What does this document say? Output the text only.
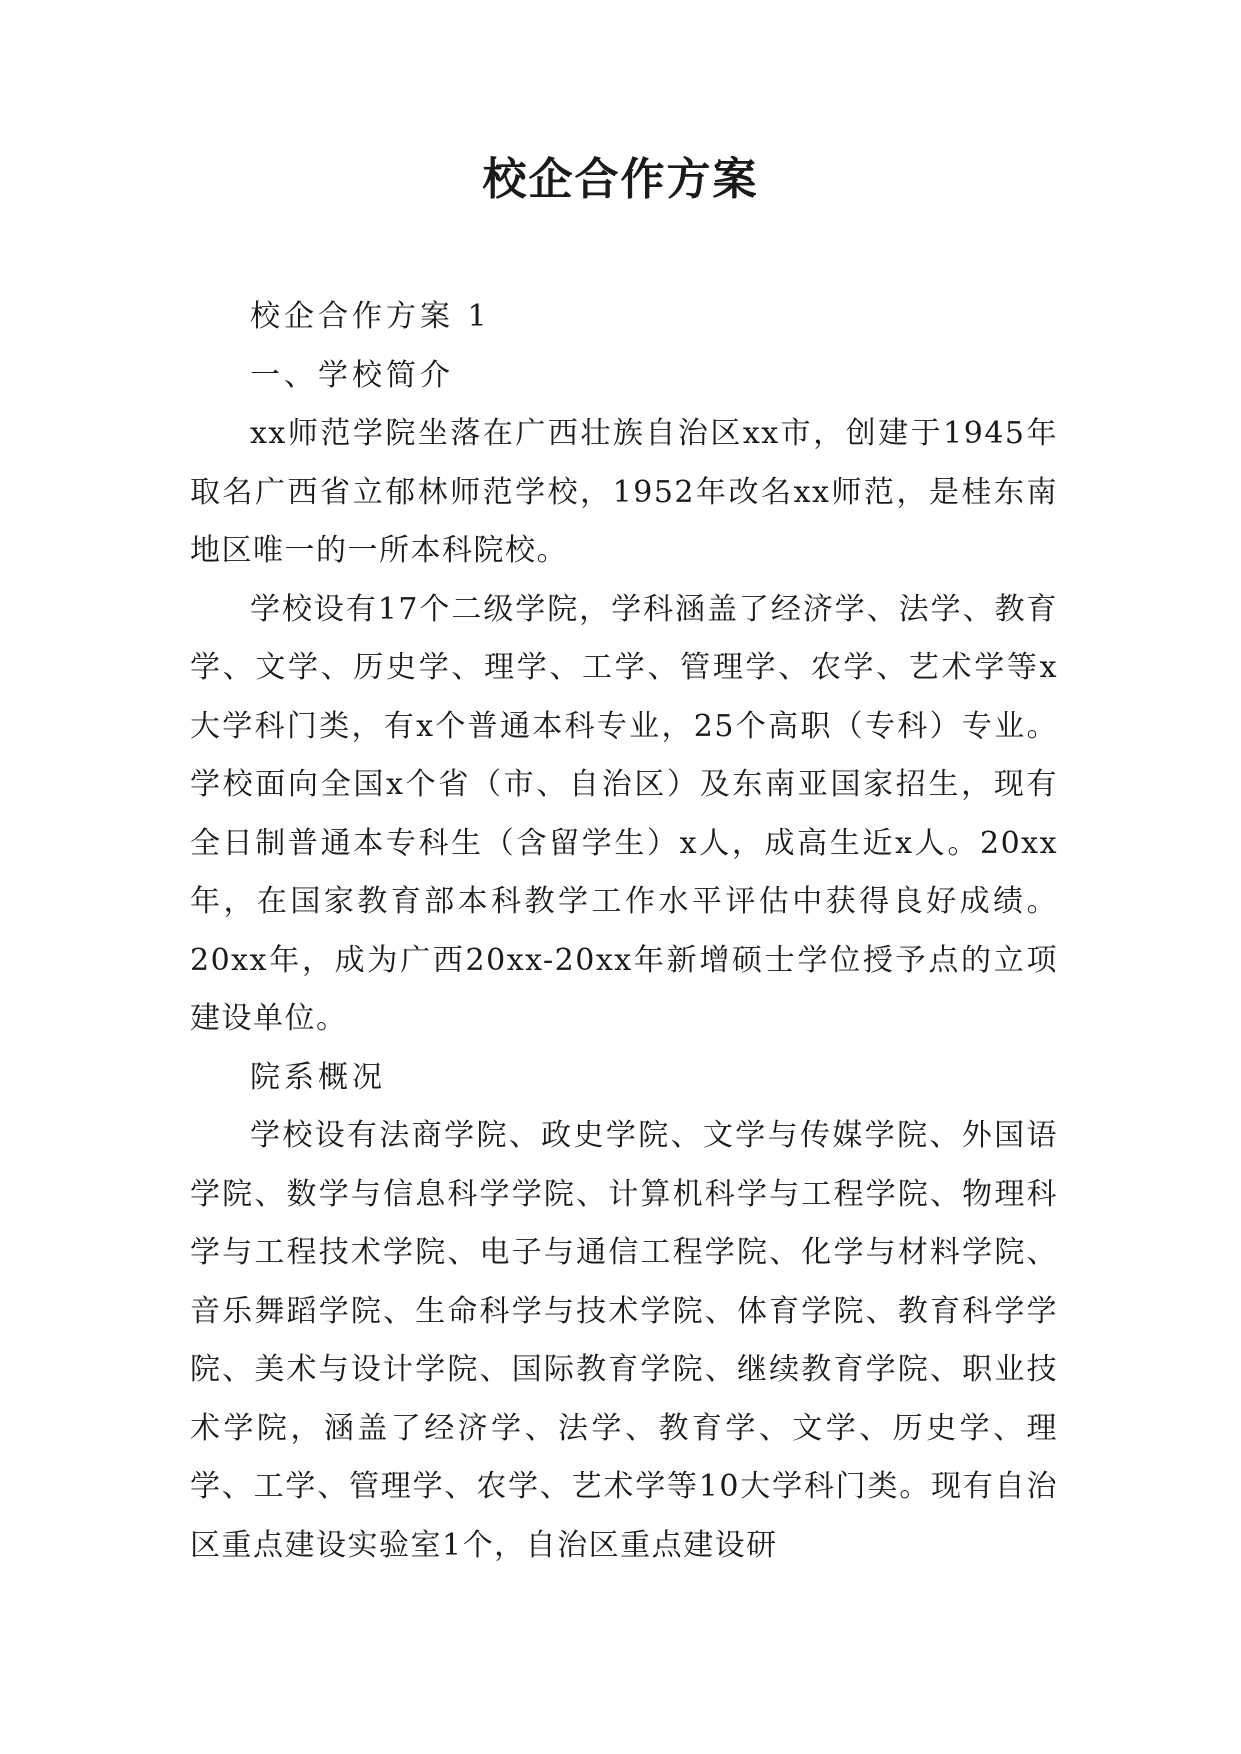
校企合作方案

校企合作方案 1

一、学校简介

xx师范学院坐落在广西壮族自治区xx市，创建于1945年取名广西省立郁林师范学校，1952年改名xx师范，是桂东南地区唯一的一所本科院校。

学校设有17个二级学院，学科涵盖了经济学、法学、教育学、文学、历史学、理学、工学、管理学、农学、艺术学等x大学科门类，有x个普通本科专业，25个高职（专科）专业。学校面向全国x个省（市、自治区）及东南亚国家招生，现有全日制普通本专科生（含留学生）x人，成高生近x人。20xx年，在国家教育部本科教学工作水平评估中获得良好成绩。20xx年，成为广西20xx-20xx年新增硕士学位授予点的立项建设单位。

院系概况

学校设有法商学院、政史学院、文学与传媒学院、外国语学院、数学与信息科学学院、计算机科学与工程学院、物理科学与工程技术学院、电子与通信工程学院、化学与材料学院、音乐舞蹈学院、生命科学与技术学院、体育学院、教育科学学院、美术与设计学院、国际教育学院、继续教育学院、职业技术学院，涵盖了经济学、法学、教育学、文学、历史学、理学、工学、管理学、农学、艺术学等10大学科门类。现有自治区重点建设实验室1个，自治区重点建设研
